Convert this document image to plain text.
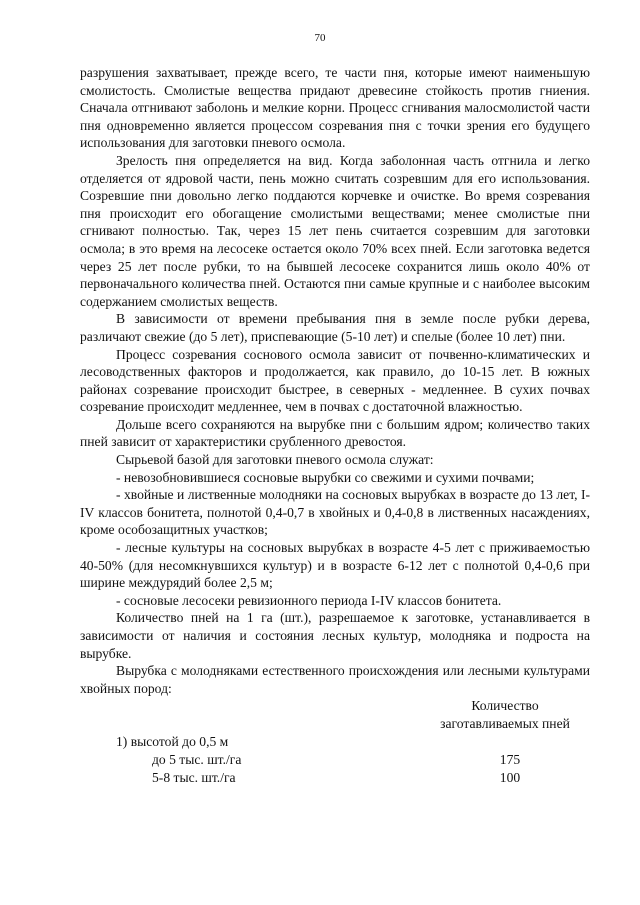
70

разрушения захватывает, прежде всего, те части пня, которые имеют наименьшую смолистость. Смолистые вещества придают древесине стойкость против гниения. Сначала отгнивают заболонь и мелкие корни. Процесс сгнивания малосмолистой части пня одновременно является процессом созревания пня с точки зрения его будущего использования для заготовки пневого осмола.

Зрелость пня определяется на вид. Когда заболонная часть отгнила и легко отделяется от ядровой части, пень можно считать созревшим для его использования. Созревшие пни довольно легко поддаются корчевке и очистке. Во время созревания пня происходит его обогащение смолистыми веществами; менее смолистые пни сгнивают полностью. Так, через 15 лет пень считается созревшим для заготовки осмола; в это время на лесосеке остается около 70% всех пней. Если заготовка ведется через 25 лет после рубки, то на бывшей лесосеке сохранится лишь около 40% от первоначального количества пней. Остаются пни самые крупные и с наиболее высоким содержанием смолистых веществ.

В зависимости от времени пребывания пня в земле после рубки дерева, различают свежие (до 5 лет), приспевающие (5-10 лет) и спелые (более 10 лет) пни.

Процесс созревания соснового осмола зависит от почвенно-климатических и лесоводственных факторов и продолжается, как правило, до 10-15 лет. В южных районах созревание происходит быстрее, в северных - медленнее. В сухих почвах созревание происходит медленнее, чем в почвах с достаточной влажностью.

Дольше всего сохраняются на вырубке пни с большим ядром; количество таких пней зависит от характеристики срубленного древостоя.

Сырьевой базой для заготовки пневого осмола служат:

- невозобновившиеся сосновые вырубки со свежими и сухими почвами;

- хвойные и лиственные молодняки на сосновых вырубках в возрасте до 13 лет, I-IV классов бонитета, полнотой 0,4-0,7 в хвойных и 0,4-0,8 в лиственных насаждениях, кроме особозащитных участков;

- лесные культуры на сосновых вырубках в возрасте 4-5 лет с приживаемостью 40-50% (для несомкнувшихся культур) и в возрасте 6-12 лет с полнотой 0,4-0,6 при ширине междурядий более 2,5 м;

- сосновые лесосеки ревизионного периода I-IV классов бонитета.

Количество пней на 1 га (шт.), разрешаемое к заготовке, устанавливается в зависимости от наличия и состояния лесных культур, молодняка и подроста на вырубке.

Вырубка с молодняками естественного происхождения или лесными культурами хвойных пород:

Количество
заготавливаемых пней
1) высотой до 0,5 м
до 5 тыс. шт./га	175
5-8 тыс. шт./га	100
